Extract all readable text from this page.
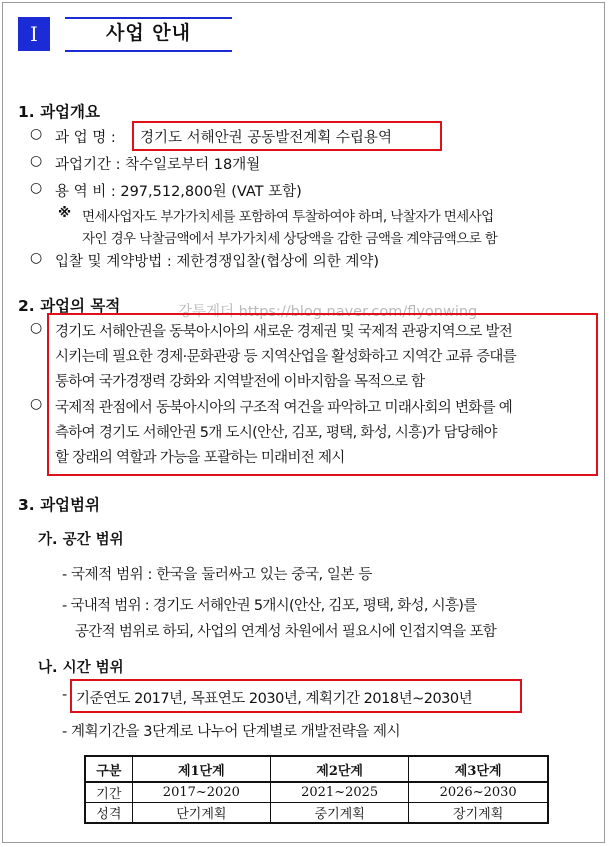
Ⅰ	사업 안내
1. 과업개요
○ 과 업 명 : 경기도 서해안권 공동발전계획 수립용역
○ 과업기간 : 착수일로부터 18개월
○ 용 역 비 : 297,512,800원 (VAT 포함)
※ 면세사업자도 부가가치세를 포함하여 투찰하여야 하며, 낙찰자가 면세사업
자인 경우 낙찰금액에서 부가가치세 상당액을 감한 금액을 계약금액으로 함
○ 입찰 및 계약방법 : 제한경쟁입찰(협상에 의한 계약)
2. 과업의 목적	강투게더 https://blog.naver.com/flyonwing
○ 경기도 서해안권을 동북아시아의 새로운 경제권 및 국제적 관광지역으로 발전
시키는데 필요한 경제·문화관광 등 지역산업을 활성화하고 지역간 교류 증대를
통하여 국가경쟁력 강화와 지역발전에 이바지함을 목적으로 함
○ 국제적 관점에서 동북아시아의 구조적 여건을 파악하고 미래사회의 변화를 예
측하여 경기도 서해안권 5개 도시(안산, 김포, 평택, 화성, 시흥)가 담당해야
할 장래의 역할과 가능을 포괄하는 미래비전 제시
3. 과업범위
가. 공간 범위
- 국제적 범위 : 한국을 둘러싸고 있는 중국, 일본 등
- 국내적 범위 : 경기도 서해안권 5개시(안산, 김포, 평택, 화성, 시흥)를
공간적 범위로 하되, 사업의 연계성 차원에서 필요시에 인접지역을 포함
나. 시간 범위
- 기준연도 2017년, 목표연도 2030년, 계획기간 2018년~2030년
- 계획기간을 3단계로 나누어 단계별로 개발전략을 제시
구분	제1단계	제2단계	제3단계
기간	2017~2020	2021~2025	2026~2030
성격	단기계획	중기계획	장기계획
